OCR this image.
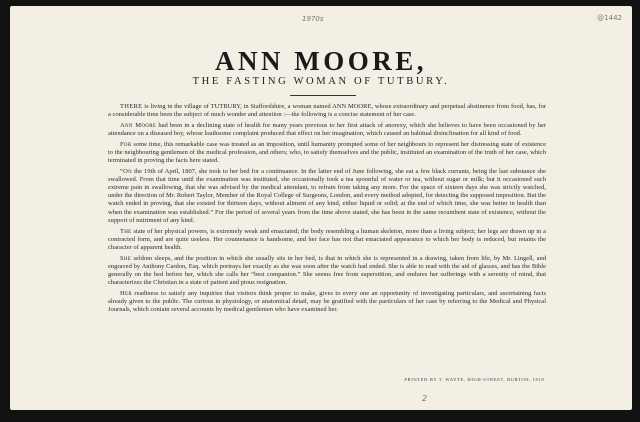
1970s	@1442
ANN MOORE,
THE FASTING WOMAN OF TUTBURY.

THERE is living in the village of TUTBURY, in Staffordshire, a woman named ANN MOORE, whose extraordinary and perpetual abstinence from food, has, for a considerable time been the subject of much wonder and attention :—the following is a concise statement of her case.

Ann Moore had been in a declining state of health for many years previous to her first attack of anorexy, which she believes to have been occasioned by her attendance on a diseased boy, whose loathsome complaint produced that effect on her imagination, which caused an habitual disinclination for all kind of food.

For some time, this remarkable case was treated as an imposition, until humanity prompted some of her neighbours to represent her distressing state of existence to the neighbouring gentlemen of the medical profession, and others; who, to satisfy themselves and the public, instituted an examination of the truth of her case, which terminated in proving the facts here stated.

“On the 19th of April, 1807, she took to her bed for a continuance. In the latter end of June following, she eat a few black currants, being the last substance she swallowed. From that time until the examination was instituted, she occasionally took a tea spoonful of water or tea, without sugar or milk; but it occasioned such extreme pain in swallowing, that she was advised by the medical attendant, to refrain from taking any more. For the space of sixteen days she was strictly watched, under the direction of Mr. Robert Taylor, Member of the Royal College of Surgeons, London, and every method adopted, for detecting the supposed imposition. But the watch ended in proving, that she existed for thirteen days, without aliment of any kind, either liquid or solid; at the end of which time, she was better in health than when the examination was established.” For the period of several years from the time above stated, she has been in the same recumbent state of existence, without the support of nutriment of any kind.

The state of her physical powers, is extremely weak and emaciated; the body resembling a human skeleton, more than a living subject; her legs are drawn up in a contracted form, and are quite useless. Her countenance is handsome, and her face has not that emaciated appearance to which her body is reduced, but retains the character of apparent health.

She seldom sleeps, and the position in which she usually sits in her bed, is that in which she is represented in a drawing, taken from life, by Mr. Lingell, and engraved by Anthony Cardon, Esq. which portrays her exactly as she was soon after the watch had ended. She is able to read with the aid of glasses, and has the Bible generally on the bed before her, which she calls her “best companion.” She seems free from superstition, and endures her sufferings with a serenity of mind, that characterizes the Christian in a state of patient and pious resignation.

Her readiness to satisfy any inquiries that visitors think proper to make, gives to every one an opportunity of investigating particulars, and ascertaining facts already given to the public. The curious in physiology, or anatomical detail, may be gratified with the particulars of her case by referring to the Medical and Physical Journals, which contain several accounts by medical gentlemen who have examined her.

PRINTED BY T. WAYTE, HIGH-STREET, BURTON, 1818.
2
